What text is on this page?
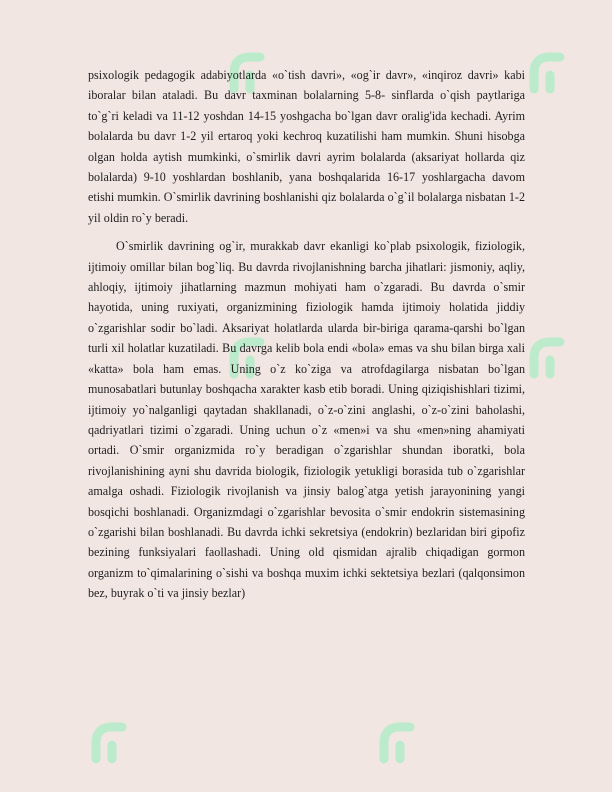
psixologik pedagogik adabiyotlarda «o`tish davri», «og`ir davr», «inqiroz davri» kabi iboralar bilan ataladi. Bu davr taxminan bolalarning 5-8- sinflarda o`qish paytlariga to`g`ri keladi va 11-12 yoshdan 14-15 yoshgacha bo`lgan davr oralig'ida kechadi. Ayrim bolalarda bu davr 1-2 yil ertaroq yoki kechroq kuzatilishi ham mumkin. Shuni hisobga olgan holda aytish mumkinki, o`smirlik davri ayrim bolalarda (aksariyat hollarda qiz bolalarda) 9-10 yoshlardan boshlanib, yana boshqalarida 16-17 yoshlargacha davom etishi mumkin. O`smirlik davrining boshlanishi qiz bolalarda o`g`il bolalarga nisbatan 1-2 yil oldin ro`y beradi.

O`smirlik davrining og`ir, murakkab davr ekanligi ko`plab psixologik, fiziologik, ijtimoiy omillar bilan bog`liq. Bu davrda rivojlanishning barcha jihatlari: jismoniy, aqliy, ahloqiy, ijtimoiy jihatlarning mazmun mohiyati ham o`zgaradi. Bu davrda o`smir hayotida, uning ruxiyati, organizmining fiziologik hamda ijtimoiy holatida jiddiy o`zgarishlar sodir bo`ladi. Aksariyat holatlarda ularda bir-biriga qarama-qarshi bo`lgan turli xil holatlar kuzatiladi. Bu davrga kelib bola endi «bola» emas va shu bilan birga xali «katta» bola ham emas. Uning o`z ko`ziga va atrofdagilarga nisbatan bo`lgan munosabatlari butunlay boshqacha xarakter kasb etib boradi. Uning qiziqishishlari tizimi, ijtimoiy yo`nalganligi qaytadan shakllanadi, o`z-o`zini anglashi, o`z-o`zini baholashi, qadriyatlari tizimi o`zgaradi. Uning uchun o`z «men»i va shu «men»ning ahamiyati ortadi. O`smir organizmida ro`y beradigan o`zgarishlar shundan iboratki, bola rivojlanishining ayni shu davrida biologik, fiziologik yetukligi borasida tub o`zgarishlar amalga oshadi. Fiziologik rivojlanish va jinsiy balog`atga yetish jarayonining yangi bosqichi boshlanadi. Organizmdagi o`zgarishlar bevosita o`smir endokrin sistemasining o`zgarishi bilan boshlanadi. Bu davrda ichki sekretsiya (endokrin) bezlaridan biri gipofiz bezining funksiyalari faollashadi. Uning old qismidan ajralib chiqadigan gormon organizm to`qimalarining o`sishi va boshqa muxim ichki sektetsiya bezlari (qalqonsimon bez, buyrak o`ti va jinsiy bezlar)
